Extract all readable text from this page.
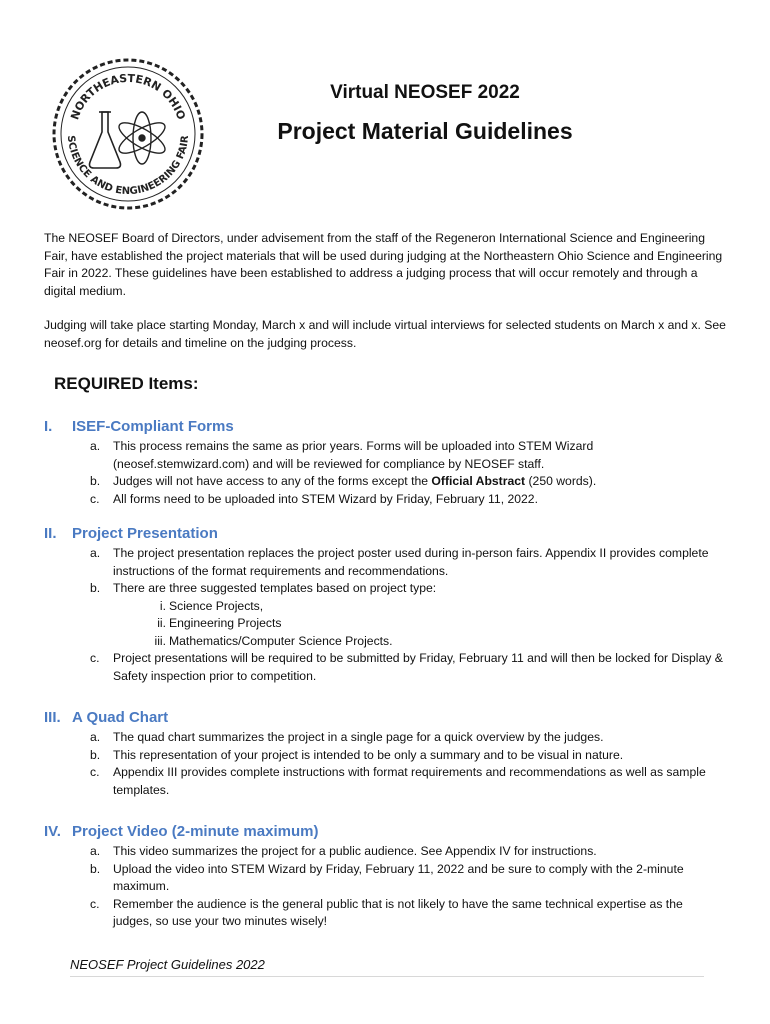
NORTHEASTERN OHIO
SCIENCE AND ENGINEERING FAIR
Virtual NEOSEF 2022
Project Material Guidelines
The NEOSEF Board of Directors, under advisement from the staff of the Regeneron International Science and Engineering Fair, have established the project materials that will be used during judging at the Northeastern Ohio Science and Engineering Fair in 2022. These guidelines have been established to address a judging process that will occur remotely and through a digital medium.
Judging will take place starting Monday, March x and will include virtual interviews for selected students on March x and x. See neosef.org for details and timeline on the judging process.
REQUIRED Items:
I. ISEF-Compliant Forms
a. This process remains the same as prior years. Forms will be uploaded into STEM Wizard (neosef.stemwizard.com) and will be reviewed for compliance by NEOSEF staff.
b. Judges will not have access to any of the forms except the Official Abstract (250 words).
c. All forms need to be uploaded into STEM Wizard by Friday, February 11, 2022.
II. Project Presentation
a. The project presentation replaces the project poster used during in-person fairs. Appendix II provides complete instructions of the format requirements and recommendations.
b. There are three suggested templates based on project type:
i. Science Projects,
ii. Engineering Projects
iii. Mathematics/Computer Science Projects.
c. Project presentations will be required to be submitted by Friday, February 11 and will then be locked for Display & Safety inspection prior to competition.
III. A Quad Chart
a. The quad chart summarizes the project in a single page for a quick overview by the judges.
b. This representation of your project is intended to be only a summary and to be visual in nature.
c. Appendix III provides complete instructions with format requirements and recommendations as well as sample templates.
IV. Project Video (2-minute maximum)
a. This video summarizes the project for a public audience. See Appendix IV for instructions.
b. Upload the video into STEM Wizard by Friday, February 11, 2022 and be sure to comply with the 2-minute maximum.
c. Remember the audience is the general public that is not likely to have the same technical expertise as the judges, so use your two minutes wisely!
NEOSEF Project Guidelines 2022
